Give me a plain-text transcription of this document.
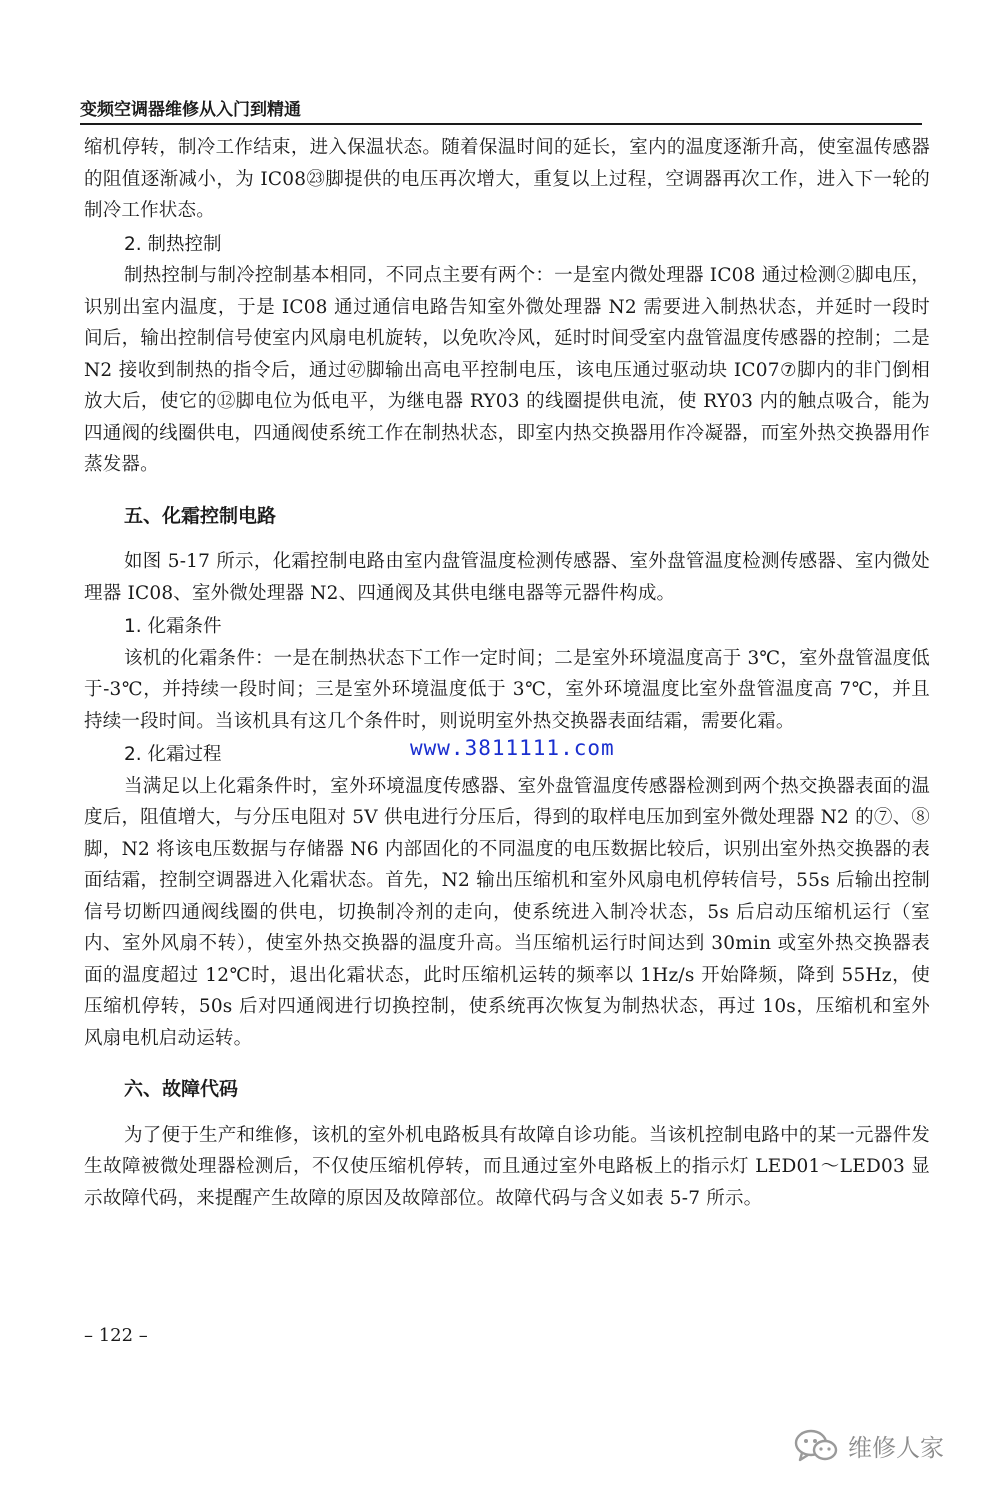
变频空调器维修从入门到精通

缩机停转，制冷工作结束，进入保温状态。随着保温时间的延长，室内的温度逐渐升高，使室温传感器的阻值逐渐减小，为 IC08㉓脚提供的电压再次增大，重复以上过程，空调器再次工作，进入下一轮的制冷工作状态。

2. 制热控制

制热控制与制冷控制基本相同，不同点主要有两个：一是室内微处理器 IC08 通过检测②脚电压，识别出室内温度，于是 IC08 通过通信电路告知室外微处理器 N2 需要进入制热状态，并延时一段时间后，输出控制信号使室内风扇电机旋转，以免吹冷风，延时时间受室内盘管温度传感器的控制；二是 N2 接收到制热的指令后，通过㊼脚输出高电平控制电压，该电压通过驱动块 IC07⑦脚内的非门倒相放大后，使它的⑫脚电位为低电平，为继电器 RY03 的线圈提供电流，使 RY03 内的触点吸合，能为四通阀的线圈供电，四通阀使系统工作在制热状态，即室内热交换器用作冷凝器，而室外热交换器用作蒸发器。

五、化霜控制电路

如图 5-17 所示，化霜控制电路由室内盘管温度检测传感器、室外盘管温度检测传感器、室内微处理器 IC08、室外微处理器 N2、四通阀及其供电继电器等元器件构成。

1. 化霜条件

该机的化霜条件：一是在制热状态下工作一定时间；二是室外环境温度高于 3℃，室外盘管温度低于-3℃，并持续一段时间；三是室外环境温度低于 3℃，室外环境温度比室外盘管温度高 7℃，并且持续一段时间。当该机具有这几个条件时，则说明室外热交换器表面结霜，需要化霜。

2. 化霜过程

当满足以上化霜条件时，室外环境温度传感器、室外盘管温度传感器检测到两个热交换器表面的温度后，阻值增大，与分压电阻对 5V 供电进行分压后，得到的取样电压加到室外微处理器 N2 的⑦、⑧脚，N2 将该电压数据与存储器 N6 内部固化的不同温度的电压数据比较后，识别出室外热交换器的表面结霜，控制空调器进入化霜状态。首先，N2 输出压缩机和室外风扇电机停转信号，55s 后输出控制信号切断四通阀线圈的供电，切换制冷剂的走向，使系统进入制冷状态，5s 后启动压缩机运行（室内、室外风扇不转），使室外热交换器的温度升高。当压缩机运行时间达到 30min 或室外热交换器表面的温度超过 12℃时，退出化霜状态，此时压缩机运转的频率以 1Hz/s 开始降频，降到 55Hz，使压缩机停转，50s 后对四通阀进行切换控制，使系统再次恢复为制热状态，再过 10s，压缩机和室外风扇电机启动运转。

六、故障代码

为了便于生产和维修，该机的室外机电路板具有故障自诊功能。当该机控制电路中的某一元器件发生故障被微处理器检测后，不仅使压缩机停转，而且通过室外电路板上的指示灯 LED01～LED03 显示故障代码，来提醒产生故障的原因及故障部位。故障代码与含义如表 5-7 所示。

www.3811111.com
– 122 –
维修人家
